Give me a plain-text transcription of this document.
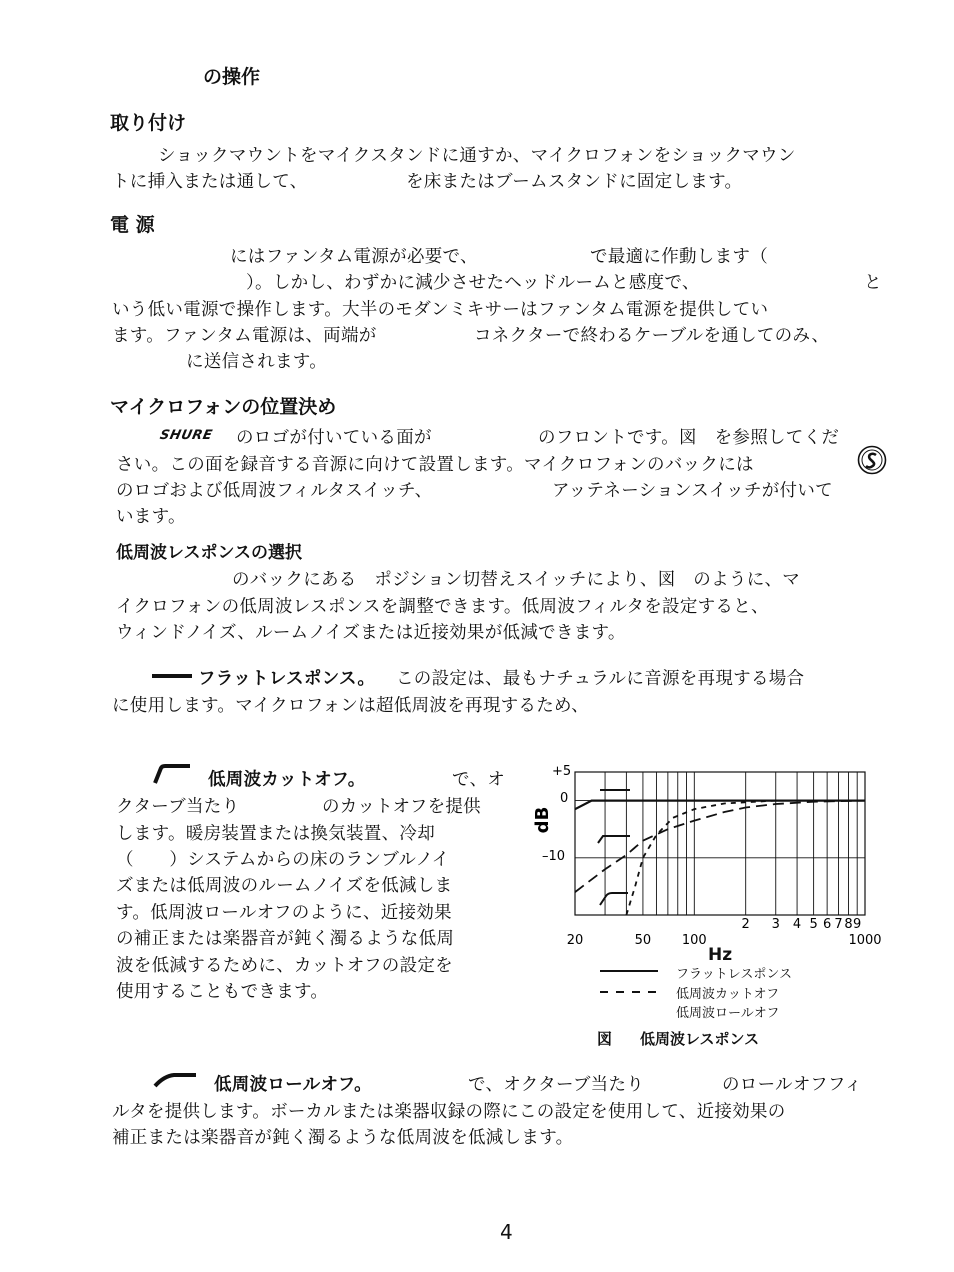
の操作
取り付け
ショックマウントをマイクスタンドに通すか、マイクロフォンをショックマウン
トに挿入または通して、	を床またはブームスタンドに固定します。
電 源
にはファンタム電源が必要で、	で最適に作動します（
）。しかし、わずかに減少させたヘッドルームと感度で、	と
いう低い電源で操作します。大半のモダンミキサーはファンタム電源を提供してい
ます。ファンタム電源は、両端が	コネクターで終わるケーブルを通してのみ、
に送信されます。
マイクロフォンの位置決め
SHURE のロゴが付いている面が	のフロントです。図　を参照してくだ
さい。この面を録音する音源に向けて設置します。マイクロフォンのバックには
のロゴおよび低周波フィルタスイッチ、	アッテネーションスイッチが付いて
います。
低周波レスポンスの選択
のバックにある　ポジション切替えスイッチにより、図　のように、マ
イクロフォンの低周波レスポンスを調整できます。低周波フィルタを設定すると、
ウィンドノイズ、ルームノイズまたは近接効果が低減できます。
フラットレスポンス。 この設定は、最もナチュラルに音源を再現する場合
に使用します。マイクロフォンは超低周波を再現するため、
低周波カットオフ。	で、オ
クターブ当たり	のカットオフを提供
します。暖房装置または換気装置、冷却
（　　）システムからの床のランブルノイ
ズまたは低周波のルームノイズを低減しま
す。低周波ロールオフのように、近接効果
の補正または楽器音が鈍く濁るような低周
波を低減するために、カットオフの設定を
使用することもできます。
+5
0
–10
dB
20	50 100	1000
2 3 4 5 6 7 8 9
Hz
フラットレスポンス
低周波カットオフ
低周波ロールオフ
図 低周波レスポンス
低周波ロールオフ。	で、オクターブ当たり	のロールオフフィ
ルタを提供します。ボーカルまたは楽器収録の際にこの設定を使用して、近接効果の
補正または楽器音が鈍く濁るような低周波を低減します。
4
